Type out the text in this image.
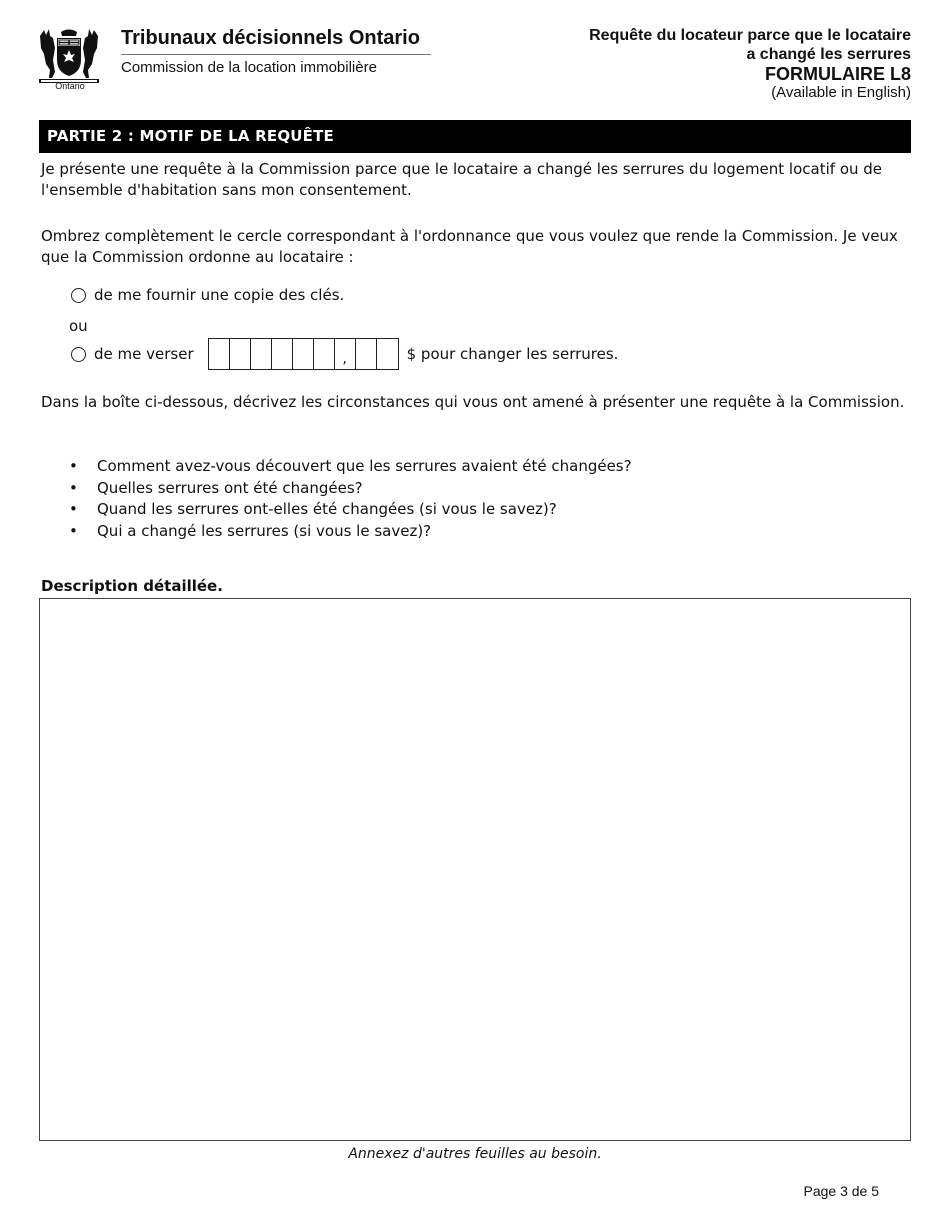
Ontario
Tribunaux décisionnels Ontario
Commission de la location immobilière
Requête du locateur parce que le locataire
a changé les serrures
FORMULAIRE L8
(Available in English)
PARTIE 2 : MOTIF DE LA REQUÊTE

Je présente une requête à la Commission parce que le locataire a changé les serrures du logement locatif ou de l'ensemble d'habitation sans mon consentement.

Ombrez complètement le cercle correspondant à l'ordonnance que vous voulez que rende la Commission. Je veux que la Commission ordonne au locataire :

de me fournir une copie des clés.
ou
de me verser	,	$ pour changer les serrures.

Dans la boîte ci-dessous, décrivez les circonstances qui vous ont amené à présenter une requête à la Commission.

• Comment avez-vous découvert que les serrures avaient été changées?
• Quelles serrures ont été changées?
• Quand les serrures ont-elles été changées (si vous le savez)?
• Qui a changé les serrures (si vous le savez)?
Description détaillée.
Annexez d'autres feuilles au besoin.
Page 3 de 5
